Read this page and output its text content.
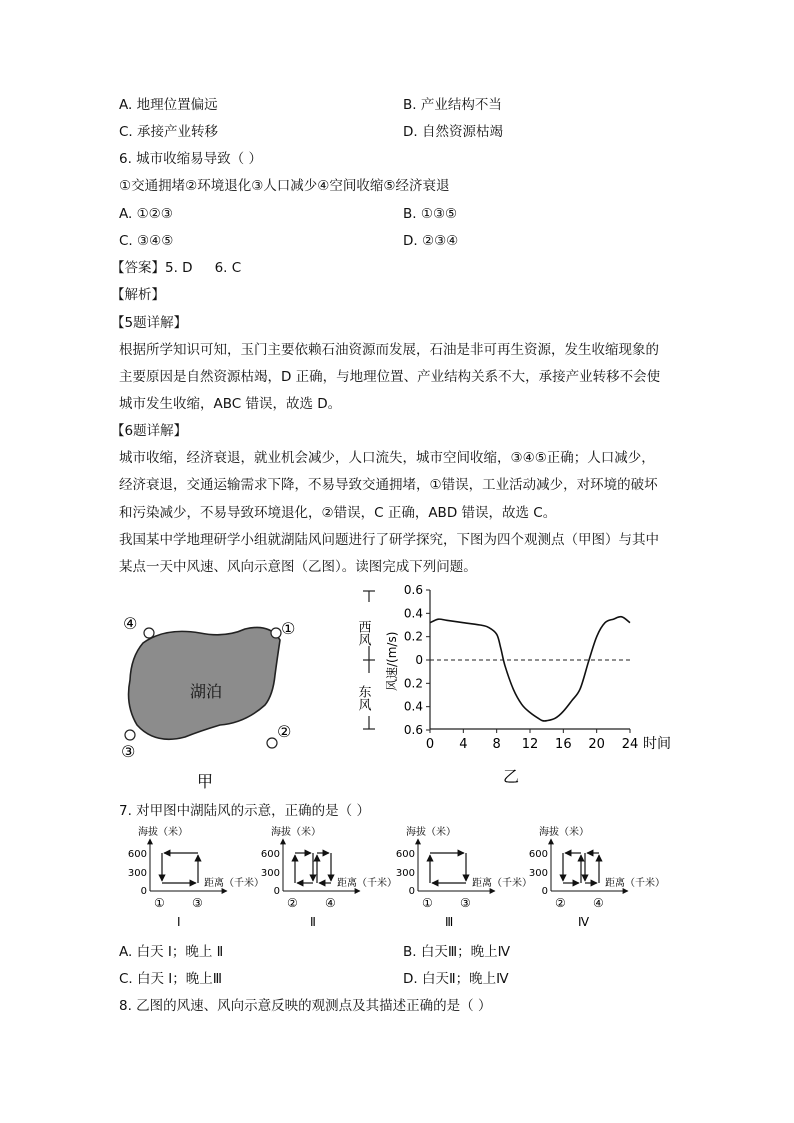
A. 地理位置偏远	B. 产业结构不当
C. 承接产业转移	D. 自然资源枯竭
6. 城市收缩易导致（ ）
①交通拥堵②环境退化③人口减少④空间收缩⑤经济衰退
A. ①②③	B. ①③⑤
C. ③④⑤	D. ②③④
【答案】5. D 6. C
【解析】
【5题详解】
根据所学知识可知，玉门主要依赖石油资源而发展，石油是非可再生资源，发生收缩现象的
主要原因是自然资源枯竭，D 正确，与地理位置、产业结构关系不大，承接产业转移不会使
城市发生收缩，ABC 错误，故选 D。
【6题详解】
城市收缩，经济衰退，就业机会减少，人口流失，城市空间收缩，③④⑤正确；人口减少，
经济衰退，交通运输需求下降，不易导致交通拥堵，①错误，工业活动减少，对环境的破坏
和污染减少，不易导致环境退化，②错误，C 正确，ABD 错误，故选 C。
我国某中学地理研学小组就湖陆风问题进行了研学探究，下图为四个观测点（甲图）与其中
某点一天中风速、风向示意图（乙图）。读图完成下列问题。
湖泊
④	①
③
②
甲
西风
东风
风速/(m/s)
0.6
0.4
0.2
0
0.2
0.4
0.6
0 4 8 12 16 20 24 时间
乙
7. 对甲图中湖陆风的示意，正确的是（ ）
海拔（米）
距离（千米）
600
300
0
① ③
Ⅰ
海拔（米）
距离（千米）
600
300
0
② ④
Ⅱ
海拔（米）
距离（千米）
600
300
0
① ③
Ⅲ
海拔（米）
距离（千米）
600
300
0
② ④
Ⅳ
A. 白天 Ⅰ；晚上 Ⅱ	B. 白天Ⅲ；晚上Ⅳ
C. 白天 Ⅰ；晚上Ⅲ	D. 白天Ⅱ；晚上Ⅳ
8. 乙图的风速、风向示意反映的观测点及其描述正确的是（ ）
